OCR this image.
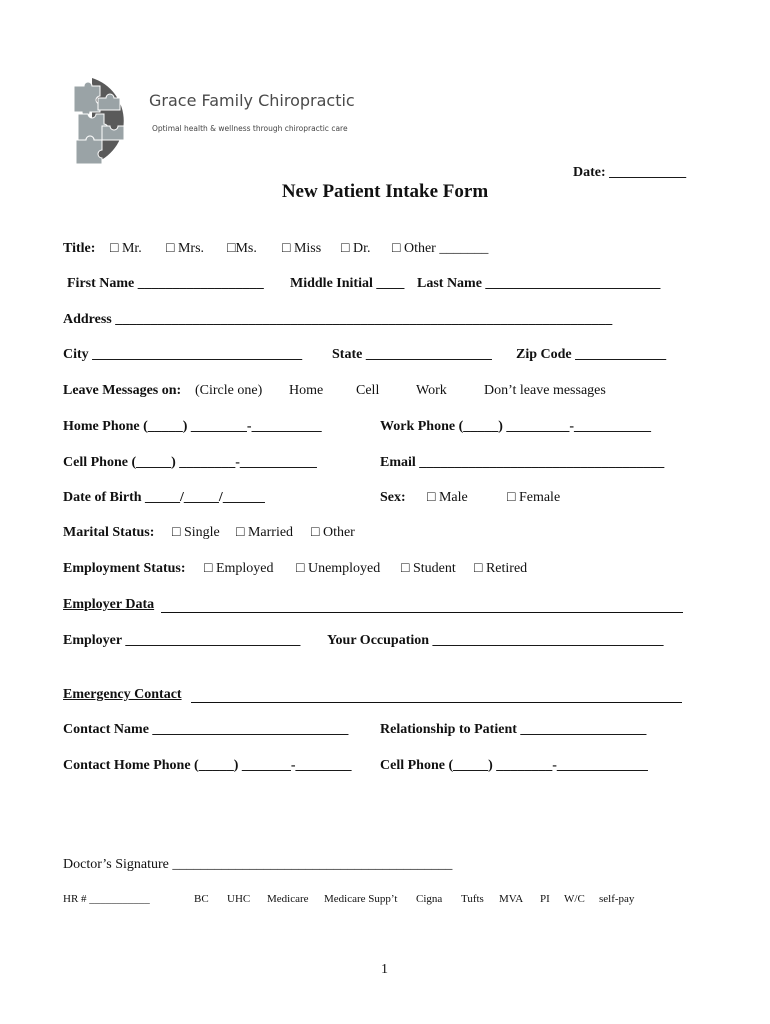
Grace Family Chiropractic
Optimal health & wellness through chiropractic care
Date: ___________
New Patient Intake Form
Title: □ Mr. □ Mrs. □Ms. □ Miss □ Dr. □ Other _______
First Name __________________ Middle Initial ____ Last Name _________________________
Address _______________________________________________________________________
City ______________________________ State __________________ Zip Code _____________
Leave Messages on: (Circle one) Home Cell	Work	Don’t leave messages
Home Phone (_____) ________-__________	Work Phone (_____) _________-___________
Cell Phone (_____) ________-___________	Email ___________________________________
Date of Birth _____/_____/______	Sex: □ Male	□ Female
Marital Status: □ Single □ Married □ Other
Employment Status: □ Employed □ Unemployed □ Student □ Retired
Employer Data
Employer _________________________ Your Occupation _________________________________
Emergency Contact
Contact Name ____________________________ Relationship to Patient __________________
Contact Home Phone (_____) _______-________ Cell Phone (_____) ________-_____________
Doctor’s Signature ________________________________________
HR # ___________	BC UHC Medicare Medicare Supp’t Cigna Tufts MVA PI W/C self-pay
1
